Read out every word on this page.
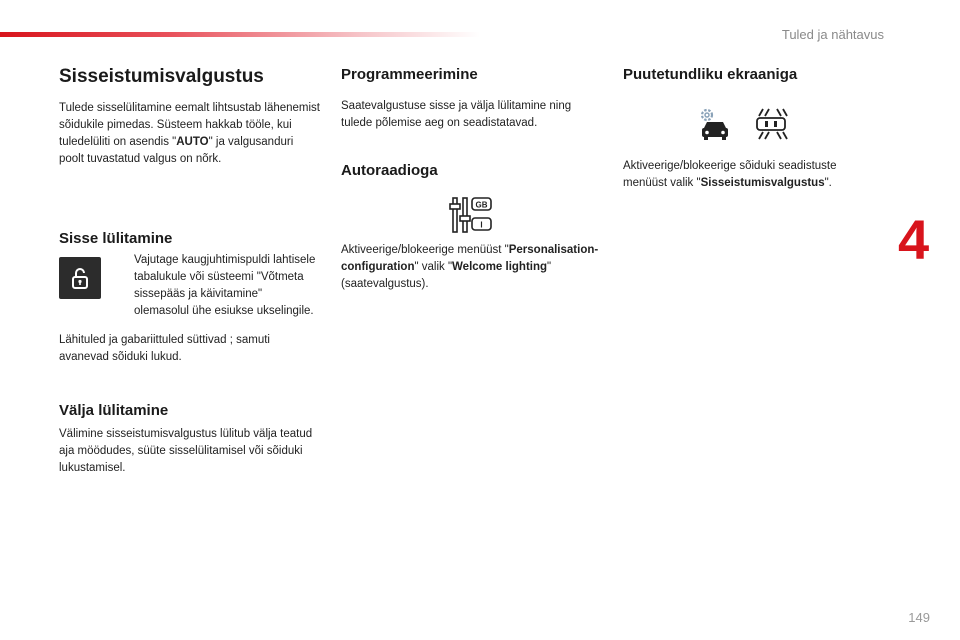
Tuled ja nähtavus
Sisseistumisvalgustus

Tulede sisselülitamine eemalt lihtsustab lähenemist sõidukile pimedas. Süsteem hakkab tööle, kui tuledelüliti on asendis "AUTO" ja valgusanduri poolt tuvastatud valgus on nõrk.

Sisse lülitamine
Vajutage kaugjuhtimispuldi lahtisele tabalukule või süsteemi "Võtmeta sissepääs ja käivitamine" olemasolul ühe esiukse ukselingile.

Lähituled ja gabariittuled süttivad ; samuti avanevad sõiduki lukud.

Välja lülitamine

Välimine sisseistumisvalgustus lülitub välja teatud aja möödudes, süüte sisselülitamisel või sõiduki lukustamisel.

Programmeerimine

Saatevalgustuse sisse ja välja lülitamine ning tulede põlemise aeg on seadistatavad.

Autoraadioga
GB
I

Aktiveerige/blokeerige menüüst "Personalisation-configuration" valik "Welcome lighting" (saatevalgustus).

Puutetundliku ekraaniga

Aktiveerige/blokeerige sõiduki seadistuste menüüst valik "Sisseistumisvalgustus".

4
149
